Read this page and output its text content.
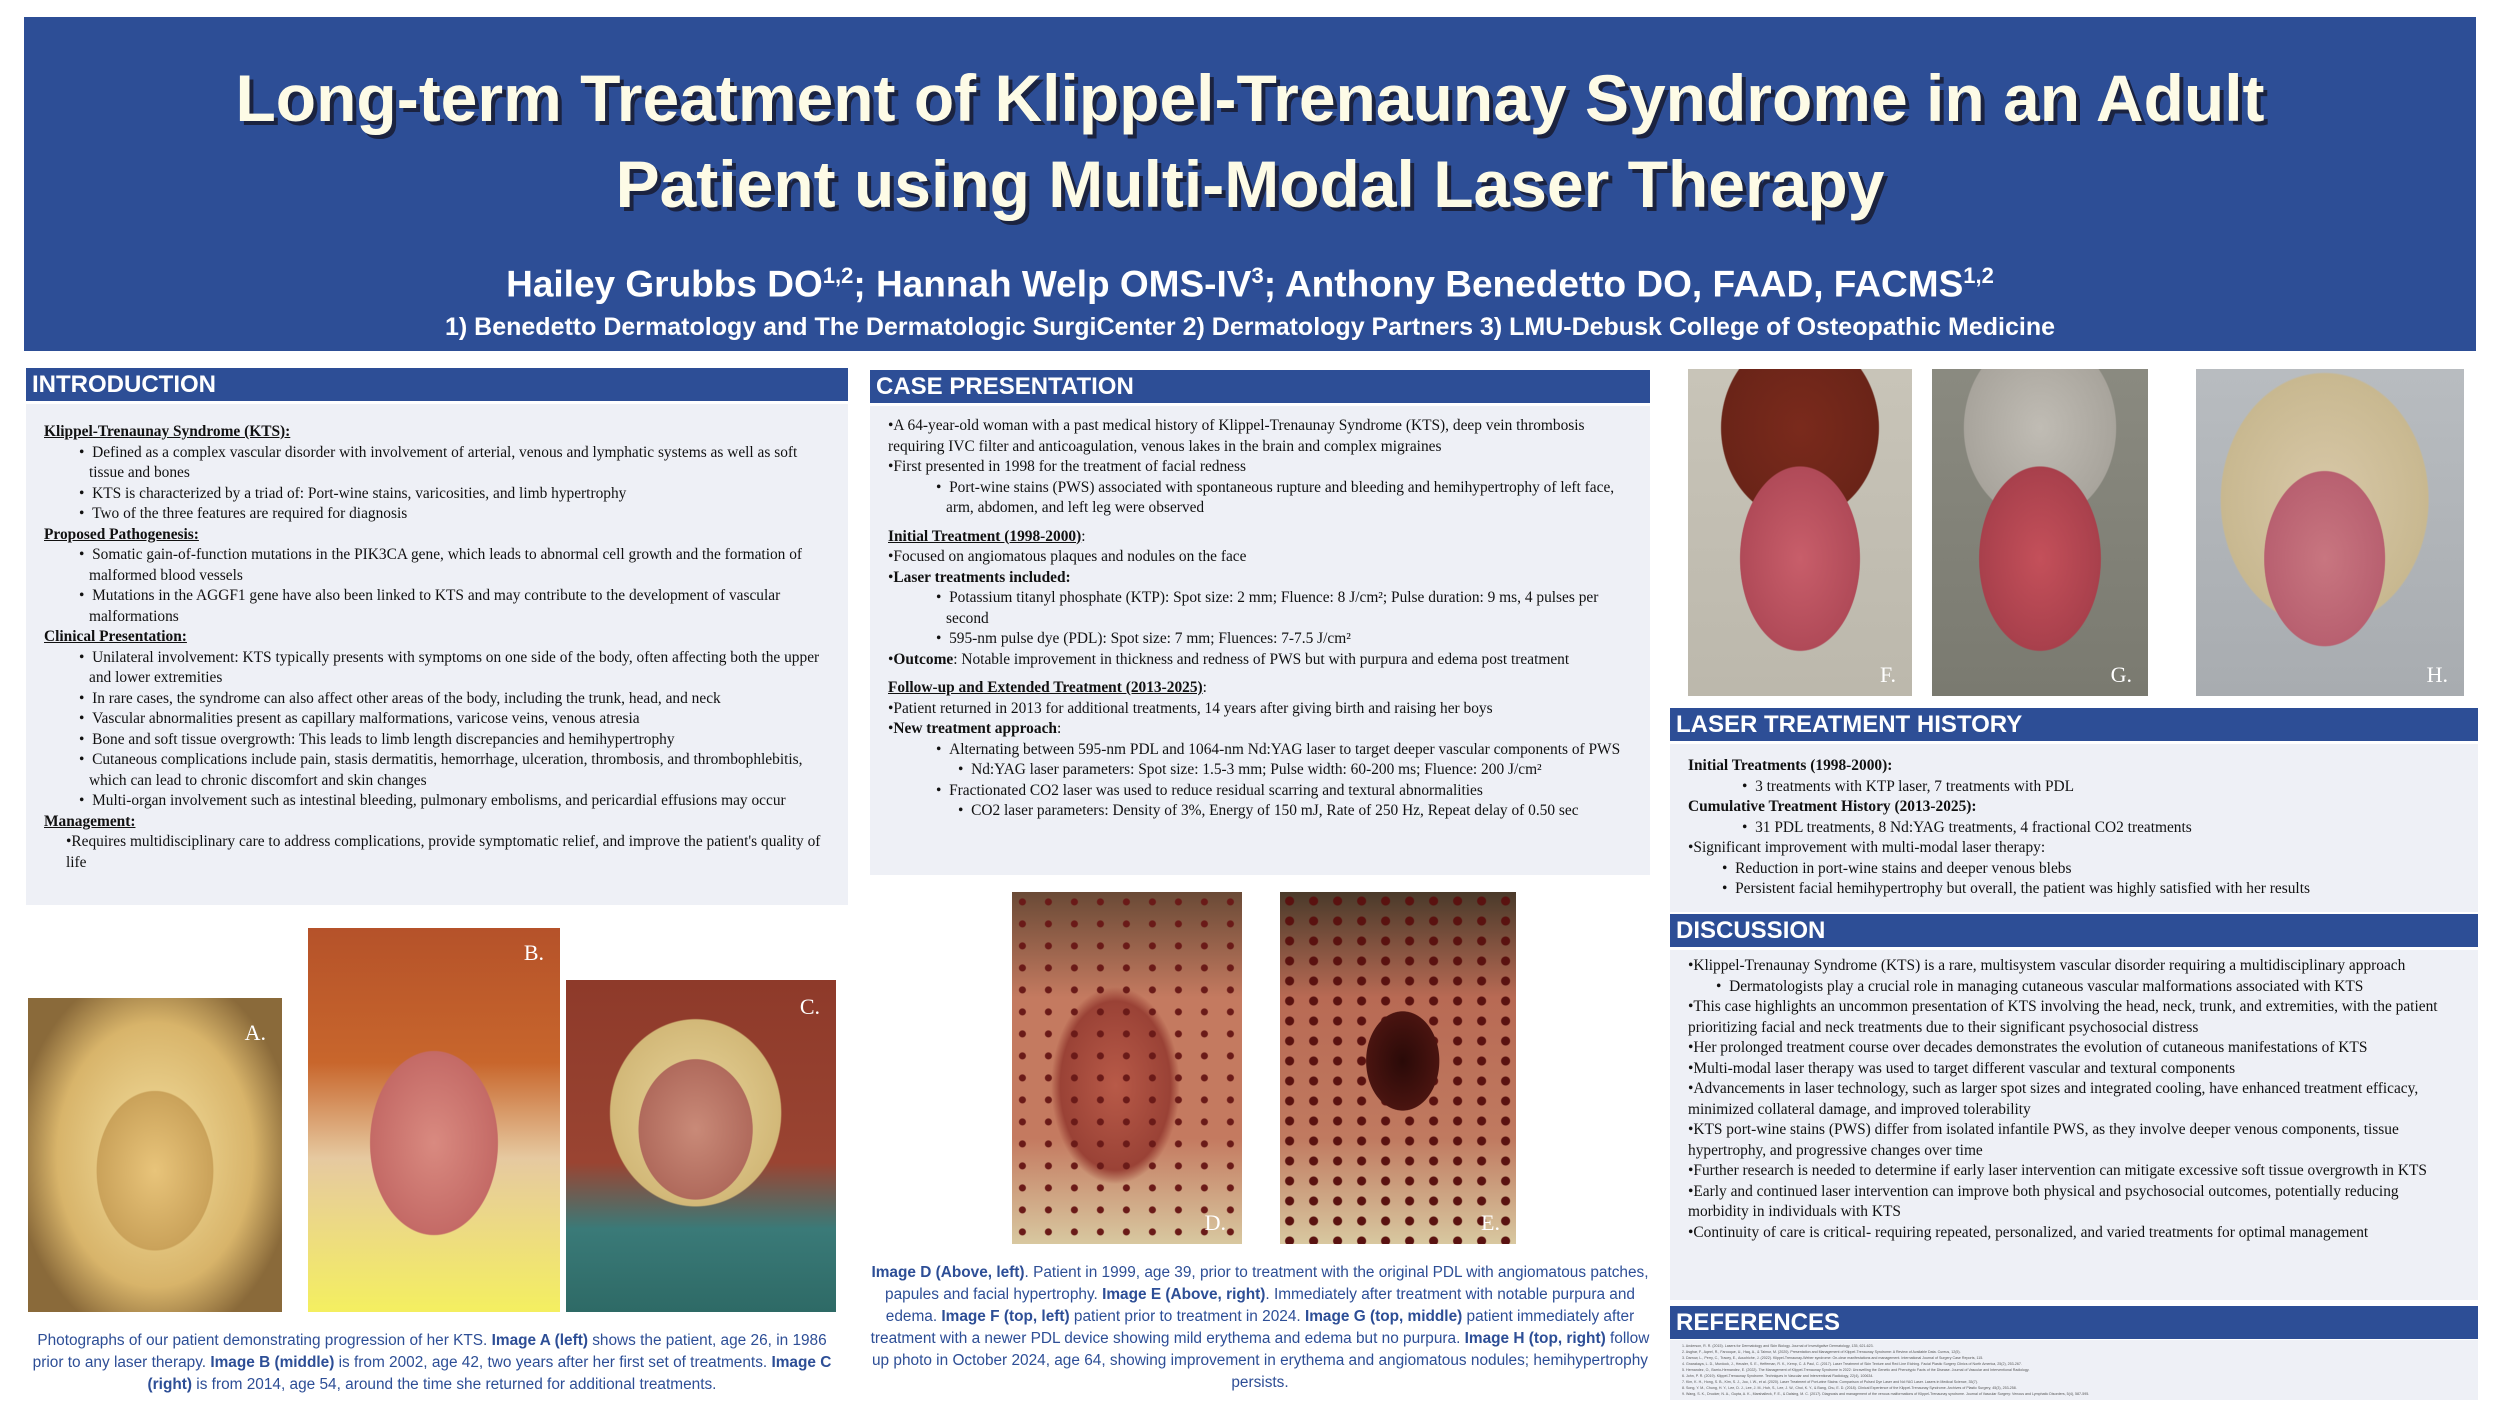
Long-term Treatment of Klippel-Trenaunay Syndrome in an Adult
Patient using Multi-Modal Laser Therapy
Hailey Grubbs DO$^{1,2}$; Hannah Welp OMS-$IV^3$; Anthony Benedetto DO, FAAD, FACMS$^{1,2}$
1) Benedetto Dermatology and The Dermatologic SurgiCenter 2) Dermatology Partners 3) LMU-Debusk College of Osteopathic Medicine
INTRODUCTION

Klippel-Trenaunay Syndrome (KTS):

•  Defined as a complex vascular disorder with involvement of arterial, venous and lymphatic systems as well as soft tissue and bones

•  KTS is characterized by a triad of: Port-wine stains, varicosities, and limb hypertrophy

•  Two of the three features are required for diagnosis

Proposed Pathogenesis:

•  Somatic gain-of-function mutations in the PIK3CA gene, which leads to abnormal cell growth and the formation of malformed blood vessels

•  Mutations in the AGGF1 gene have also been linked to KTS and may contribute to the development of vascular malformations

Clinical Presentation:

•  Unilateral involvement: KTS typically presents with symptoms on one side of the body, often affecting both the upper and lower extremities

•  In rare cases, the syndrome can also affect other areas of the body, including the trunk, head, and neck

•  Vascular abnormalities present as capillary malformations, varicose veins, venous atresia

•  Bone and soft tissue overgrowth: This leads to limb length discrepancies and hemihypertrophy

•  Cutaneous complications include pain, stasis dermatitis, hemorrhage, ulceration, thrombosis, and thrombophlebitis, which can lead to chronic discomfort and skin changes

•  Multi-organ involvement such as intestinal bleeding, pulmonary embolisms, and pericardial effusions may occur

Management:

•Requires multidisciplinary care to address complications, provide symptomatic relief, and improve the patient's quality of life

A.
B.
C.
Photographs of our patient demonstrating progression of her KTS. Image A (left) shows the patient, age 26, in 1986 prior to any laser therapy. Image B (middle) is from 2002, age 42, two years after her first set of treatments. Image C (right) is from 2014, age 54, around the time she returned for additional treatments.
CASE PRESENTATION

•A 64-year-old woman with a past medical history of Klippel-Trenaunay Syndrome (KTS), deep vein thrombosis requiring IVC filter and anticoagulation, venous lakes in the brain and complex migraines

•First presented in 1998 for the treatment of facial redness

•  Port-wine stains (PWS) associated with spontaneous rupture and bleeding and hemihypertrophy of left face, arm, abdomen, and left leg were observed

Initial Treatment (1998-2000):

•Focused on angiomatous plaques and nodules on the face

•Laser treatments included:

•  Potassium titanyl phosphate (KTP): Spot size: 2 mm; Fluence: 8 J/cm²; Pulse duration: 9 ms, 4 pulses per second

•  595-nm pulse dye (PDL): Spot size: 7 mm; Fluences: 7-7.5 J/cm²

•Outcome: Notable improvement in thickness and redness of PWS but with purpura and edema post treatment

Follow-up and Extended Treatment (2013-2025):

•Patient returned in 2013 for additional treatments, 14 years after giving birth and raising her boys

•New treatment approach:

•  Alternating between 595-nm PDL and 1064-nm Nd:YAG laser to target deeper vascular components of PWS

•  Nd:YAG laser parameters: Spot size: 1.5-3 mm; Pulse width: 60-200 ms; Fluence: 200 J/cm²

•  Fractionated CO2 laser was used to reduce residual scarring and textural abnormalities

•  CO2 laser parameters: Density of 3%, Energy of 150 mJ, Rate of 250 Hz, Repeat delay of 0.50 sec

D.	E.
Image D (Above, left). Patient in 1999, age 39, prior to treatment with the original PDL with angiomatous patches, papules and facial hypertrophy. Image E (Above, right). Immediately after treatment with notable purpura and edema. Image F (top, left) patient prior to treatment in 2024. Image G (top, middle) patient immediately after treatment with a newer PDL device showing mild erythema and edema but no purpura. Image H (top, right) follow up photo in October 2024, age 64, showing improvement in erythema and angiomatous nodules; hemihypertrophy persists.
F.	G.	H.
LASER TREATMENT HISTORY

Initial Treatments (1998-2000):

•  3 treatments with KTP laser, 7 treatments with PDL

Cumulative Treatment History (2013-2025):

•  31 PDL treatments, 8 Nd:YAG treatments, 4 fractional CO2 treatments

•Significant improvement with multi-modal laser therapy:

•  Reduction in port-wine stains and deeper venous blebs

•  Persistent facial hemihypertrophy but overall, the patient was highly satisfied with her results

DISCUSSION

•Klippel-Trenaunay Syndrome (KTS) is a rare, multisystem vascular disorder requiring a multidisciplinary approach

•  Dermatologists play a crucial role in managing cutaneous vascular malformations associated with KTS

•This case highlights an uncommon presentation of KTS involving the head, neck, trunk, and extremities, with the patient prioritizing facial and neck treatments due to their significant psychosocial distress

•Her prolonged treatment course over decades demonstrates the evolution of cutaneous manifestations of KTS

•Multi-modal laser therapy was used to target different vascular and textural components

•Advancements in laser technology, such as larger spot sizes and integrated cooling, have enhanced treatment efficacy, minimized collateral damage, and improved tolerability

•KTS port-wine stains (PWS) differ from isolated infantile PWS, as they involve deeper venous components, tissue hypertrophy, and progressive changes over time

•Further research is needed to determine if early laser intervention can mitigate excessive soft tissue overgrowth in KTS

•Early and continued laser intervention can improve both physical and psychosocial outcomes, potentially reducing morbidity in individuals with KTS

•Continuity of care is critical- requiring repeated, personalized, and varied treatments for optimal management

REFERENCES

1. Anderson, R. R. (2015). Lasers for Dermatology and Skin Biology. Journal of Investigative Dermatology, 135, 621-623.

2. Asghar, F., Aqeel, R., Farooque, U., Haq, A., & Taimur, M. (2020). Presentation and Management of Klippel-Trenaunay Syndrome: A Review of Available Data. Cureus, 12(5).

3. Darrow, L., Perry, C., Tracey, E., Aouchiche, J. (2022). Klippel-Trenaunay-Weber syndrome: On-clear manifestations and management. International Journal of Surgery Case Reports, 115.

4. Gnarakaya, L. D., Murdock, J., Heusler, S. E., Heffernan, R. K., Kemp, C. & Paul, C. (2017). Laser Treatment of Skin Texture and Red Line Etching. Facial Plastic Surgery Clinics of North America, 25(2), 253-267.

5. Hernandez, O., Barrio-Hernandez, E. (2022). The Management of Klippel-Trenaunay Syndrome in 2022: Unravelling the Genetic and Phenotypic Facts of the Disease. Journal of Vascular and Interventional Radiology.

6. John, P. R. (2019). Klippel-Trenaunay Syndrome. Techniques in Vascular and Interventional Radiology, 22(4), 100634.

7. Kim, K. H., Hong, S. B., Kim, S. J., Joo, I. W., et al. (2020). Laser Treatment of Port-wine Stains: Comparison of Pulsed Dye Laser and Nd:YAG Laser. Lasers in Medical Science, 35(7).

8. Song, Y. M., Chung, H. Y., Lee, D. J., Lee, J. M., Huh, S., Lee, J. W., Choi, K. Y., & Bang, Chu, E. D. (2018). Clinical Experience of the Klippel-Trenaunay Syndrome. Archives of Plastic Surgery, 45(3), 253-258.

9. Wang, S. K., Drucker, N. A., Gupta, A. K., Marshalleck, F. E., & Dalsing, M. C. (2017). Diagnosis and management of the venous malformations of Klippel-Trenaunay syndrome. Journal of Vascular Surgery: Venous and Lymphatic Disorders, 5(4), 587-595.
